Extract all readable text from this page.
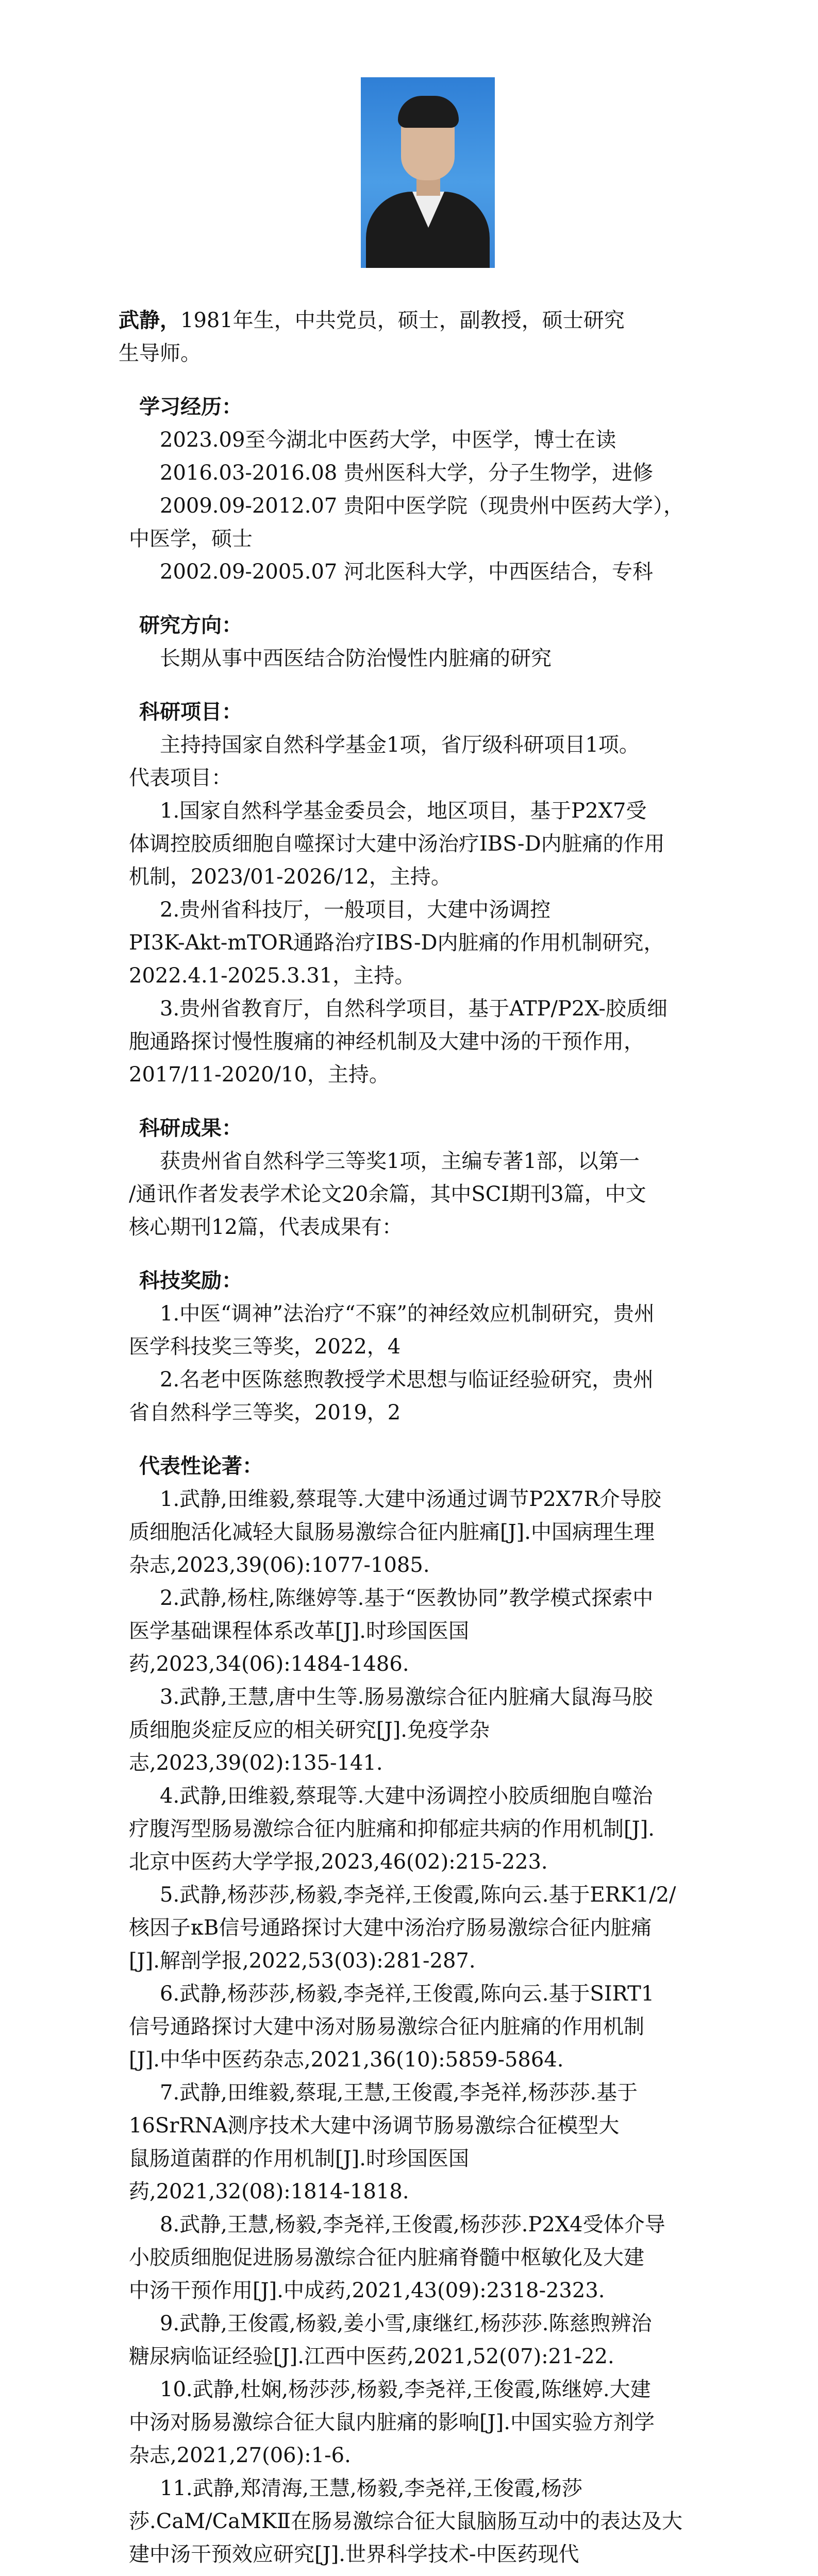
武静，1981年生，中共党员，硕士，副教授，硕士研究

生导师。

学习经历：

2023.09至今湖北中医药大学，中医学，博士在读

2016.03-2016.08 贵州医科大学，分子生物学，进修

2009.09-2012.07 贵阳中医学院（现贵州中医药大学），

中医学，硕士

2002.09-2005.07 河北医科大学，中西医结合，专科

研究方向：

长期从事中西医结合防治慢性内脏痛的研究

科研项目：

主持持国家自然科学基金1项，省厅级科研项目1项。

代表项目：

1.国家自然科学基金委员会，地区项目，基于P2X7受

体调控胶质细胞自噬探讨大建中汤治疗IBS-D内脏痛的作用

机制，2023/01-2026/12，主持。

2.贵州省科技厅，一般项目，大建中汤调控

PI3K-Akt-mTOR通路治疗IBS-D内脏痛的作用机制研究，

2022.4.1-2025.3.31，主持。

3.贵州省教育厅，自然科学项目，基于ATP/P2X-胶质细

胞通路探讨慢性腹痛的神经机制及大建中汤的干预作用，

2017/11-2020/10，主持。

科研成果：

获贵州省自然科学三等奖1项，主编专著1部，以第一

/通讯作者发表学术论文20余篇，其中SCI期刊3篇，中文

核心期刊12篇，代表成果有：

科技奖励：

1.中医“调神”法治疗“不寐”的神经效应机制研究，贵州

医学科技奖三等奖，2022，4

2.名老中医陈慈煦教授学术思想与临证经验研究，贵州

省自然科学三等奖，2019，2

代表性论著：

1.武静,田维毅,蔡琨等.大建中汤通过调节P2X7R介导胶

质细胞活化减轻大鼠肠易激综合征内脏痛[J].中国病理生理

杂志,2023,39(06):1077-1085.

2.武静,杨柱,陈继婷等.基于“医教协同”教学模式探索中

医学基础课程体系改革[J].时珍国医国

药,2023,34(06):1484-1486.

3.武静,王慧,唐中生等.肠易激综合征内脏痛大鼠海马胶

质细胞炎症反应的相关研究[J].免疫学杂

志,2023,39(02):135-141.

4.武静,田维毅,蔡琨等.大建中汤调控小胶质细胞自噬治

疗腹泻型肠易激综合征内脏痛和抑郁症共病的作用机制[J].

北京中医药大学学报,2023,46(02):215-223.

5.武静,杨莎莎,杨毅,李尧祥,王俊霞,陈向云.基于ERK1/2/

核因子κB信号通路探讨大建中汤治疗肠易激综合征内脏痛

[J].解剖学报,2022,53(03):281-287.

6.武静,杨莎莎,杨毅,李尧祥,王俊霞,陈向云.基于SIRT1

信号通路探讨大建中汤对肠易激综合征内脏痛的作用机制

[J].中华中医药杂志,2021,36(10):5859-5864.

7.武静,田维毅,蔡琨,王慧,王俊霞,李尧祥,杨莎莎.基于

16SrRNA测序技术大建中汤调节肠易激综合征模型大

鼠肠道菌群的作用机制[J].时珍国医国

药,2021,32(08):1814-1818.

8.武静,王慧,杨毅,李尧祥,王俊霞,杨莎莎.P2X4受体介导

小胶质细胞促进肠易激综合征内脏痛脊髓中枢敏化及大建

中汤干预作用[J].中成药,2021,43(09):2318-2323.

9.武静,王俊霞,杨毅,姜小雪,康继红,杨莎莎.陈慈煦辨治

糖尿病临证经验[J].江西中医药,2021,52(07):21-22.

10.武静,杜娴,杨莎莎,杨毅,李尧祥,王俊霞,陈继婷.大建

中汤对肠易激综合征大鼠内脏痛的影响[J].中国实验方剂学

杂志,2021,27(06):1-6.

11.武静,郑清海,王慧,杨毅,李尧祥,王俊霞,杨莎

莎.CaM/CaMKⅡ在肠易激综合征大鼠脑肠互动中的表达及大

建中汤干预效应研究[J].世界科学技术-中医药现代
